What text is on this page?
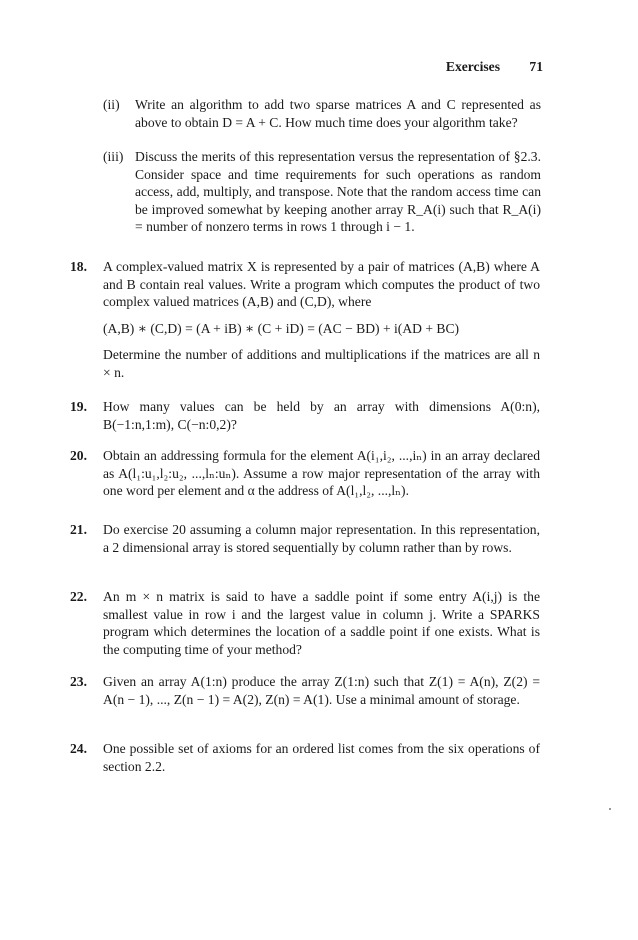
Exercises 71
(ii) Write an algorithm to add two sparse matrices A and C represented as above to obtain D = A + C. How much time does your algorithm take?

(iii) Discuss the merits of this representation versus the representation of §2.3. Consider space and time requirements for such operations as random access, add, multiply, and transpose. Note that the random access time can be improved somewhat by keeping another array R_A(i) such that R_A(i) = number of nonzero terms in rows 1 through i − 1.

18. A complex-valued matrix X is represented by a pair of matrices (A,B) where A and B contain real values. Write a program which computes the product of two complex valued matrices (A,B) and (C,D), where

(A,B) ∗ (C,D) = (A + iB) ∗ (C + iD) = (AC − BD) + i(AD + BC)

Determine the number of additions and multiplications if the matrices are all n × n.

19. How many values can be held by an array with dimensions A(0:n), B(−1:n,1:m), C(−n:0,2)?

20. Obtain an addressing formula for the element A(i₁,i₂, ...,iₙ) in an array declared as A(l₁:u₁,l₂:u₂, ...,lₙ:uₙ). Assume a row major representation of the array with one word per element and α the address of A(l₁,l₂, ...,lₙ).

21. Do exercise 20 assuming a column major representation. In this representation, a 2 dimensional array is stored sequentially by column rather than by rows.

22. An m × n matrix is said to have a saddle point if some entry A(i,j) is the smallest value in row i and the largest value in column j. Write a SPARKS program which determines the location of a saddle point if one exists. What is the computing time of your method?

23. Given an array A(1:n) produce the array Z(1:n) such that Z(1) = A(n), Z(2) = A(n − 1), ..., Z(n − 1) = A(2), Z(n) = A(1). Use a minimal amount of storage.

24. One possible set of axioms for an ordered list comes from the six operations of section 2.2.
